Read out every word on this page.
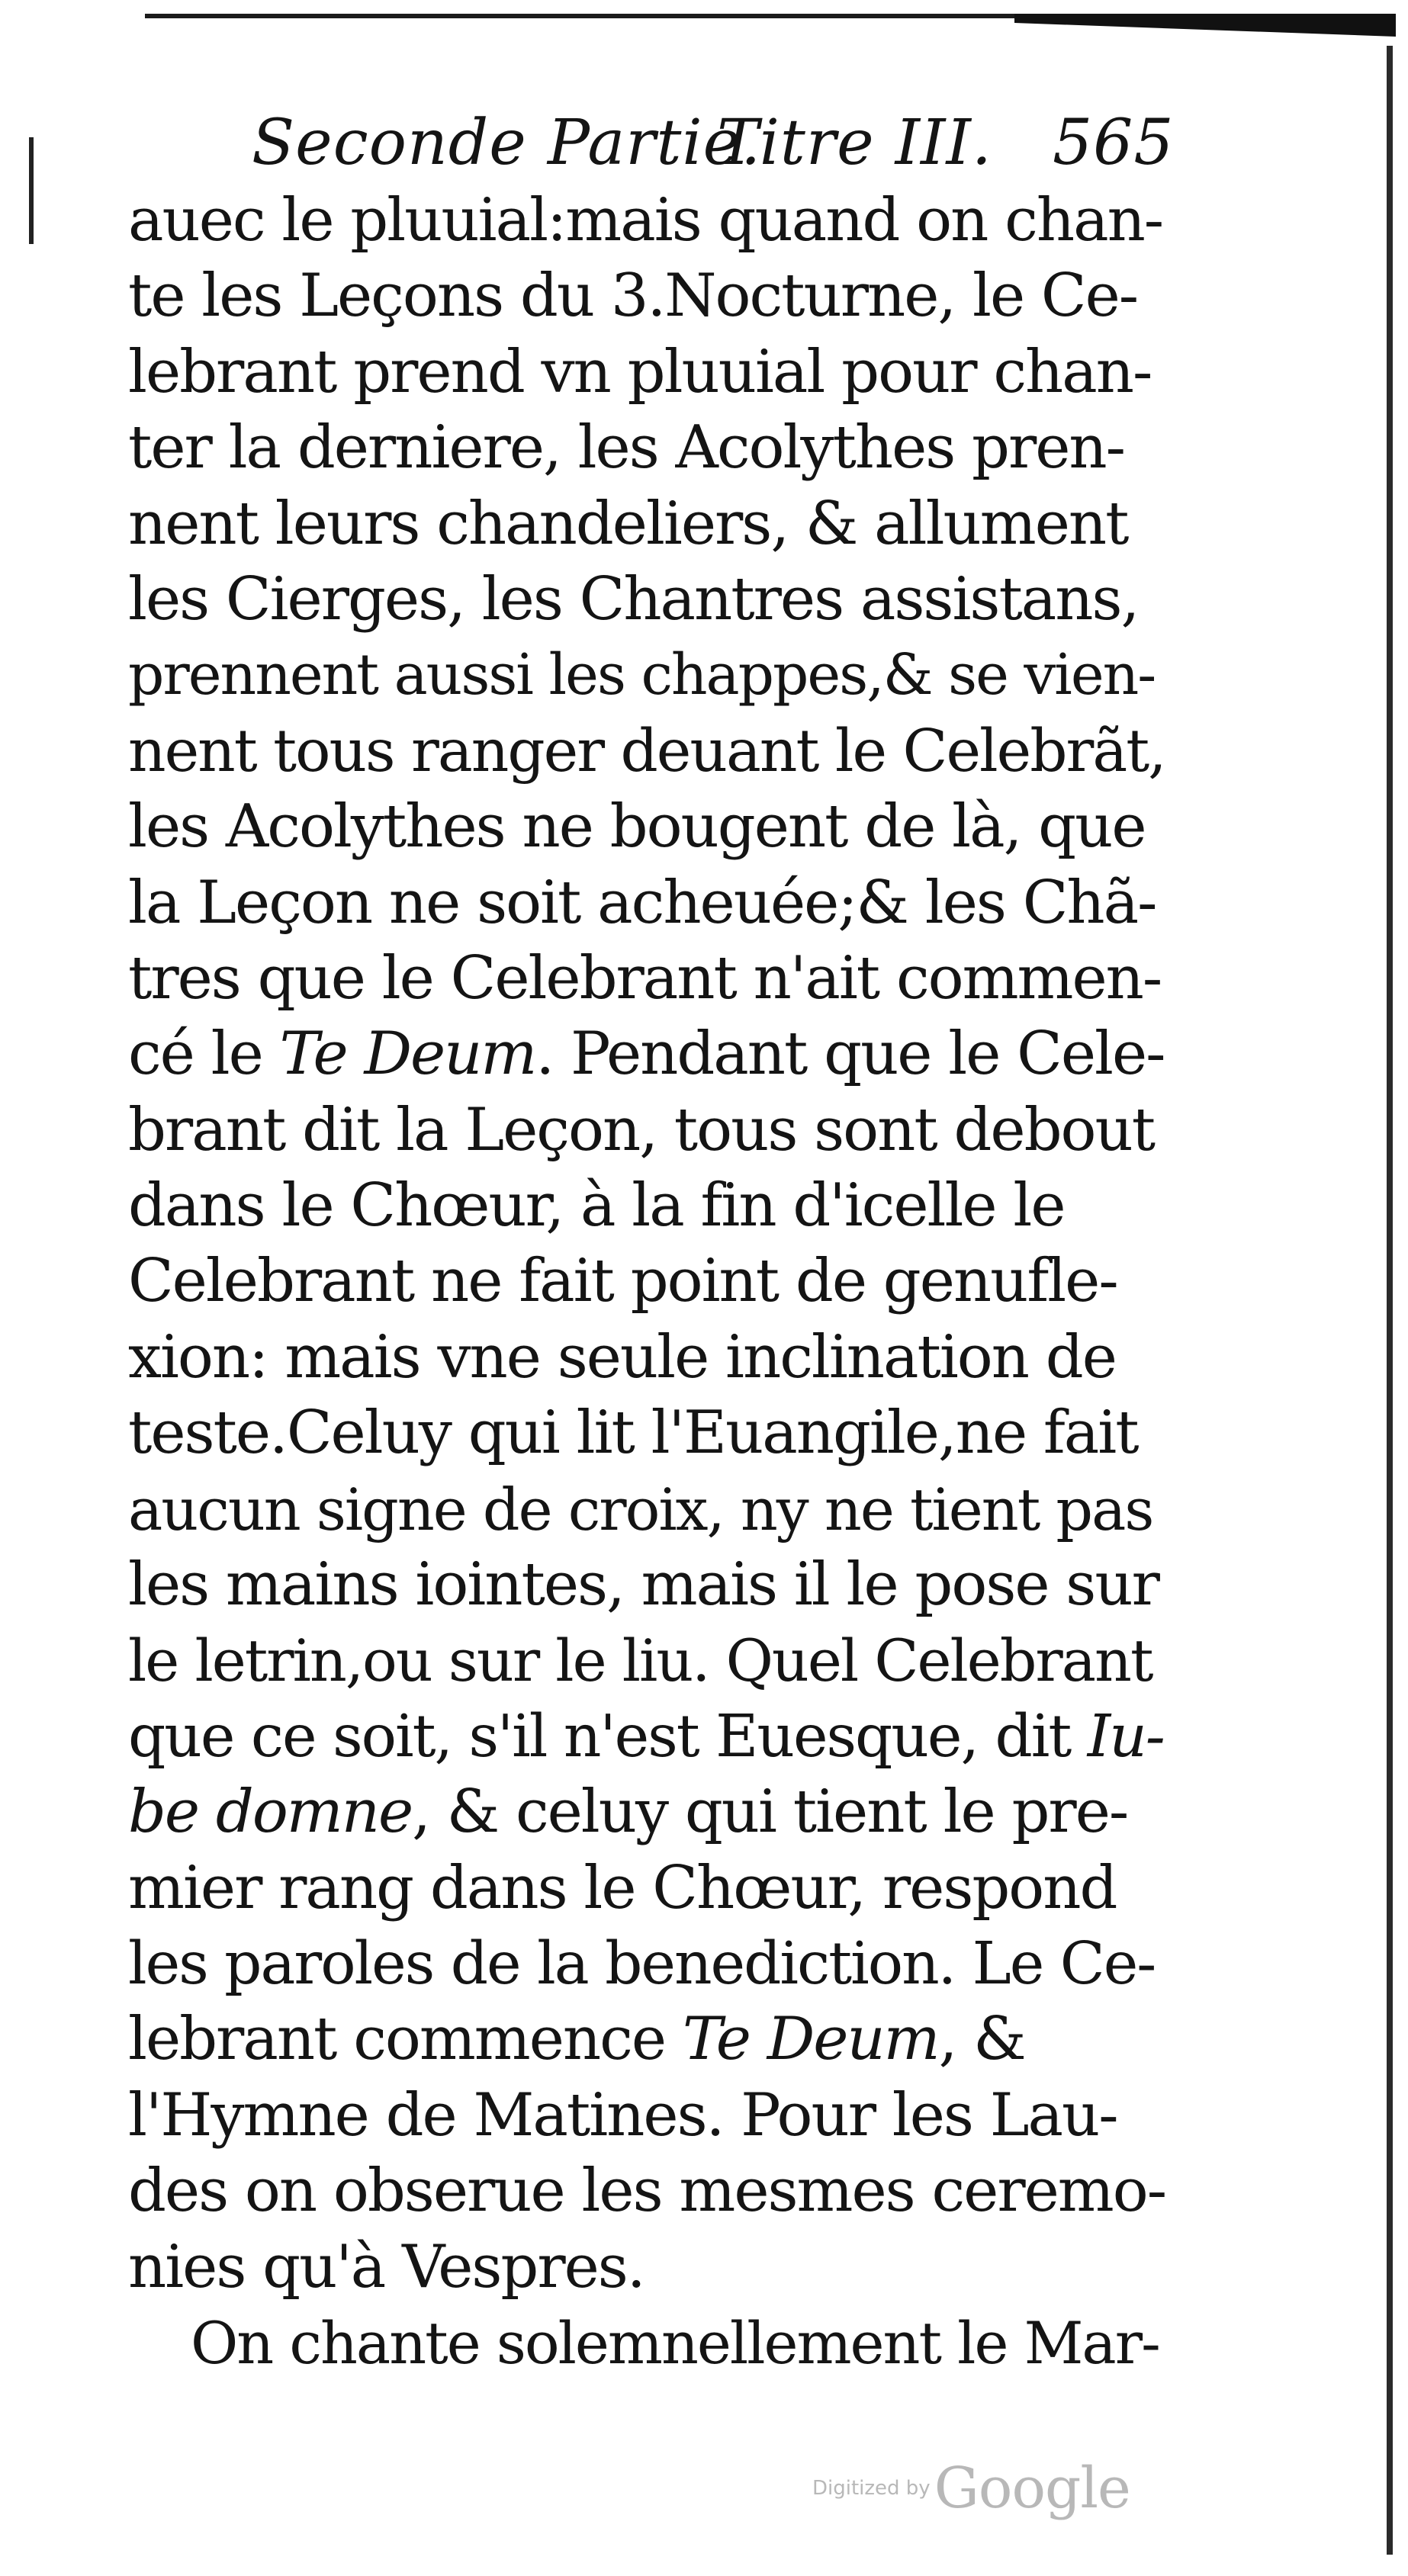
Seconde Partie.
Titre III. 565
auec le pluuial:mais quand on chan-
te les Leçons du 3.Nocturne, le Ce-
lebrant prend vn pluuial pour chan-
ter la derniere, les Acolythes pren-
nent leurs chandeliers, & allument
les Cierges, les Chantres assistans,
prennent aussi les chappes,& se vien-
nent tous ranger deuant le Celebrãt,
les Acolythes ne bougent de là, que
la Leçon ne soit acheuée;& les Chã-
tres que le Celebrant n'ait commen-
cé le Te Deum. Pendant que le Cele-
brant dit la Leçon, tous sont debout
dans le Chœur, à la fin d'icelle le
Celebrant ne fait point de genufle-
xion: mais vne seule inclination de
teste.Celuy qui lit l'Euangile,ne fait
aucun signe de croix, ny ne tient pas
les mains iointes, mais il le pose sur
le letrin,ou sur le liu. Quel Celebrant
que ce soit, s'il n'est Euesque, dit Iu-
be domne, & celuy qui tient le pre-
mier rang dans le Chœur, respond
les paroles de la benediction. Le Ce-
lebrant commence Te Deum, &
l'Hymne de Matines. Pour les Lau-
des on obserue les mesmes ceremo-
nies qu'à Vespres.
On chante solemnellement le Mar-
Digitized by Google
